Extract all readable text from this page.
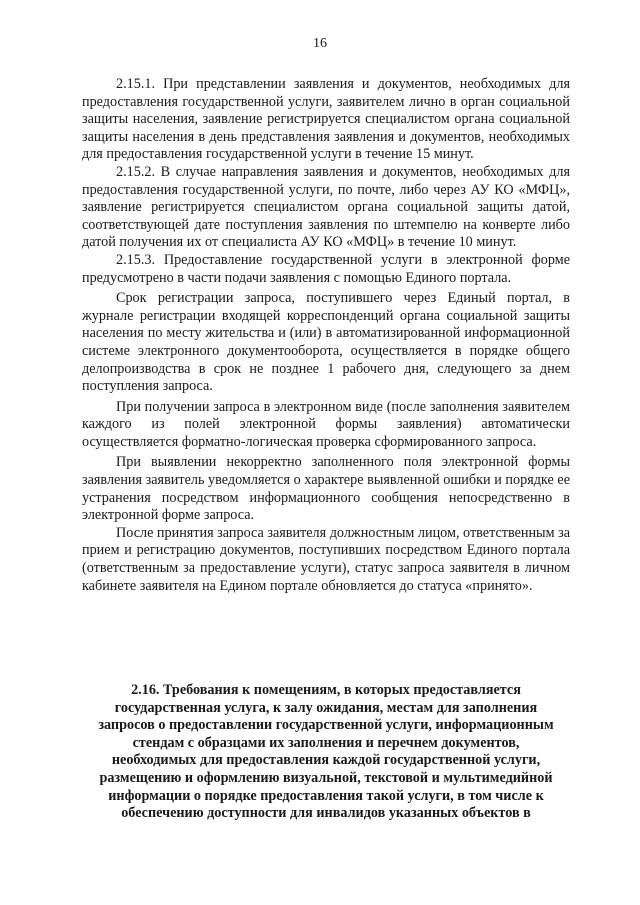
16

2.15.1. При представлении заявления и документов, необходимых для предоставления государственной услуги, заявителем лично в орган социальной защиты населения, заявление регистрируется специалистом органа социальной защиты населения в день представления заявления и документов, необходимых для предоставления государственной услуги в течение 15 минут.

2.15.2. В случае направления заявления и документов, необходимых для предоставления государственной услуги, по почте, либо через АУ КО «МФЦ», заявление регистрируется специалистом органа социальной защиты датой, соответствующей дате поступления заявления по штемпелю на конверте либо датой получения их от специалиста АУ КО «МФЦ» в течение 10 минут.

2.15.3. Предоставление государственной услуги в электронной форме предусмотрено в части подачи заявления с помощью Единого портала.

Срок регистрации запроса, поступившего через Единый портал, в журнале регистрации входящей корреспонденций органа социальной защиты населения по месту жительства и (или) в автоматизированной информационной системе электронного документооборота, осуществляется в порядке общего делопроизводства в срок не позднее 1 рабочего дня, следующего за днем поступления запроса.

При получении запроса в электронном виде (после заполнения заявителем каждого из полей электронной формы заявления) автоматически осуществляется форматно-логическая проверка сформированного запроса.

При выявлении некорректно заполненного поля электронной формы заявления заявитель уведомляется о характере выявленной ошибки и порядке ее устранения посредством информационного сообщения непосредственно в электронной форме запроса.

После принятия запроса заявителя должностным лицом, ответственным за прием и регистрацию документов, поступивших посредством Единого портала (ответственным за предоставление услуги), статус запроса заявителя в личном кабинете заявителя на Едином портале обновляется до статуса «принято».

2.16. Требования к помещениям, в которых предоставляется государственная услуга, к залу ожидания, местам для заполнения запросов о предоставлении государственной услуги, информационным стендам с образцами их заполнения и перечнем документов, необходимых для предоставления каждой государственной услуги, размещению и оформлению визуальной, текстовой и мультимедийной информации о порядке предоставления такой услуги, в том числе к обеспечению доступности для инвалидов указанных объектов в
